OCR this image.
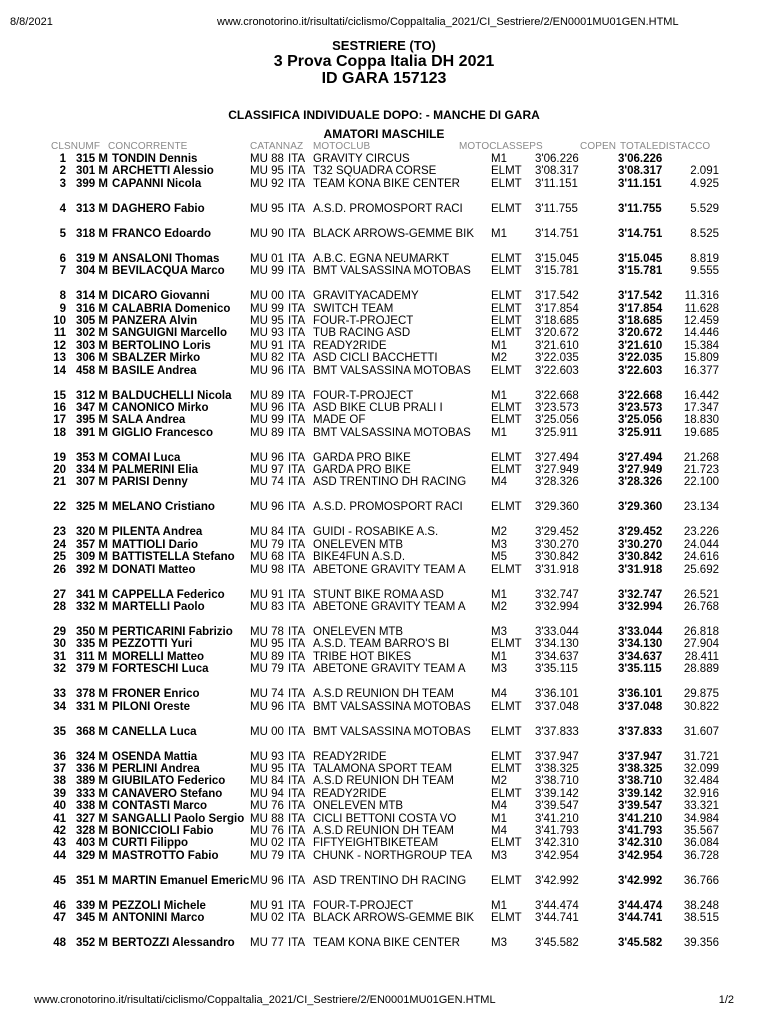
8/8/2021	www.cronotorino.it/risultati/ciclismo/CoppaItalia_2021/CI_Sestriere/2/EN0001MU01GEN.HTML
SESTRIERE (TO)
3 Prova Coppa Italia DH 2021
ID GARA 157123
CLASSIFICA INDIVIDUALE DOPO: - MANCHE DI GARA
AMATORI MASCHILE
CLSNUMF CONCORRENTE	CATANNAZ MOTOCLUB	MOTOCLASSEPS	COPEN TOTALEDISTACCO
1 315 M TONDIN Dennis	MU 88 ITA GRAVITY CIRCUS	M1 3'06.226	3'06.226
2 301 M ARCHETTI Alessio	MU 95 ITA T32 SQUADRA CORSE	ELMT 3'08.317	3'08.317 2.091
3 399 M CAPANNI Nicola	MU 92 ITA TEAM KONA BIKE CENTER	ELMT 3'11.151	3'11.151 4.925
4 313 M DAGHERO Fabio	MU 95 ITA A.S.D. PROMOSPORT RACI	ELMT 3'11.755	3'11.755 5.529
5 318 M FRANCO Edoardo	MU 90 ITA BLACK ARROWS-GEMME BIK M1 3'14.751	3'14.751 8.525
6 319 M ANSALONI Thomas	MU 01 ITA A.B.C. EGNA NEUMARKT	ELMT 3'15.045	3'15.045 8.819
7 304 M BEVILACQUA Marco MU 99 ITA BMT VALSASSINA MOTOBAS	ELMT 3'15.781	3'15.781 9.555
8 314 M DICARO Giovanni	MU 00 ITA GRAVITYACADEMY	ELMT 3'17.542	3'17.542 11.316
9 316 M CALABRIA Domenico MU 99 ITA SWITCH TEAM	ELMT 3'17.854	3'17.854 11.628
10 305 M PANZERA Alvin	MU 95 ITA FOUR-T-PROJECT	ELMT 3'18.685	3'18.685 12.459
11 302 M SANGUIGNI Marcello MU 93 ITA TUB RACING ASD	ELMT 3'20.672	3'20.672 14.446
12 303 M BERTOLINO Loris	MU 91 ITA READY2RIDE	M1 3'21.610	3'21.610 15.384
13 306 M SBALZER Mirko	MU 82 ITA ASD CICLI BACCHETTI	M2 3'22.035	3'22.035 15.809
14 458 M BASILE Andrea	MU 96 ITA BMT VALSASSINA MOTOBAS	ELMT 3'22.603	3'22.603 16.377
15 312 M BALDUCHELLI Nicola MU 89 ITA FOUR-T-PROJECT	M1 3'22.668	3'22.668 16.442
16 347 M CANONICO Mirko	MU 96 ITA ASD BIKE CLUB PRALI I	ELMT 3'23.573	3'23.573 17.347
17 395 M SALA Andrea	MU 99 ITA MADE OF	ELMT 3'25.056	3'25.056 18.830
18 391 M GIGLIO Francesco	MU 89 ITA BMT VALSASSINA MOTOBAS	M1 3'25.911	3'25.911 19.685
19 353 M COMAI Luca	MU 96 ITA GARDA PRO BIKE	ELMT 3'27.494	3'27.494 21.268
20 334 M PALMERINI Elia	MU 97 ITA GARDA PRO BIKE	ELMT 3'27.949	3'27.949 21.723
21 307 M PARISI Denny	MU 74 ITA ASD TRENTINO DH RACING	M4 3'28.326	3'28.326 22.100
22 325 M MELANO Cristiano	MU 96 ITA A.S.D. PROMOSPORT RACI	ELMT 3'29.360	3'29.360 23.134
23 320 M PILENTA Andrea	MU 84 ITA GUIDI - ROSABIKE A.S.	M2 3'29.452	3'29.452 23.226
24 357 M MATTIOLI Dario	MU 79 ITA ONELEVEN MTB	M3 3'30.270	3'30.270 24.044
25 309 M BATTISTELLA Stefano MU 68 ITA BIKE4FUN A.S.D.	M5 3'30.842	3'30.842 24.616
26 392 M DONATI Matteo	MU 98 ITA ABETONE GRAVITY TEAM A	ELMT 3'31.918	3'31.918 25.692
27 341 M CAPPELLA Federico MU 91 ITA STUNT BIKE ROMA ASD	M1 3'32.747	3'32.747 26.521
28 332 M MARTELLI Paolo	MU 83 ITA ABETONE GRAVITY TEAM A	M2 3'32.994	3'32.994 26.768
29 350 M PERTICARINI Fabrizio MU 78 ITA ONELEVEN MTB	M3 3'33.044	3'33.044 26.818
30 335 M PEZZOTTI Yuri	MU 95 ITA A.S.D. TEAM BARRO'S BI	ELMT 3'34.130	3'34.130 27.904
31 311 M MORELLI Matteo	MU 89 ITA TRIBE HOT BIKES	M1 3'34.637	3'34.637 28.411
32 379 M FORTESCHI Luca	MU 79 ITA ABETONE GRAVITY TEAM A	M3 3'35.115	3'35.115 28.889
33 378 M FRONER Enrico	MU 74 ITA A.S.D REUNION DH TEAM	M4 3'36.101	3'36.101 29.875
34 331 M PILONI Oreste	MU 96 ITA BMT VALSASSINA MOTOBAS	ELMT 3'37.048	3'37.048 30.822
35 368 M CANELLA Luca	MU 00 ITA BMT VALSASSINA MOTOBAS	ELMT 3'37.833	3'37.833 31.607
36 324 M OSENDA Mattia	MU 93 ITA READY2RIDE	ELMT 3'37.947	3'37.947 31.721
37 336 M PERLINI Andrea	MU 95 ITA TALAMONA SPORT TEAM	ELMT 3'38.325	3'38.325 32.099
38 389 M GIUBILATO Federico MU 84 ITA A.S.D REUNION DH TEAM	M2 3'38.710	3'38.710 32.484
39 333 M CANAVERO Stefano MU 94 ITA READY2RIDE	ELMT 3'39.142	3'39.142 32.916
40 338 M CONTASTI Marco	MU 76 ITA ONELEVEN MTB	M4 3'39.547	3'39.547 33.321
41 327 M SANGALLI Paolo Sergio MU 88 ITA CICLI BETTONI COSTA VO	M1 3'41.210	3'41.210 34.984
42 328 M BONICCIOLI Fabio	MU 76 ITA A.S.D REUNION DH TEAM	M4 3'41.793	3'41.793 35.567
43 403 M CURTI Filippo	MU 02 ITA FIFTYEIGHTBIKETEAM	ELMT 3'42.310	3'42.310 36.084
44 329 M MASTROTTO Fabio	MU 79 ITA CHUNK - NORTHGROUP TEA M3 3'42.954	3'42.954 36.728
45 351 M MARTIN Emanuel Emeric MU 96 ITA ASD TRENTINO DH RACING	ELMT 3'42.992	3'42.992 36.766
46 339 M PEZZOLI Michele	MU 91 ITA FOUR-T-PROJECT	M1 3'44.474	3'44.474 38.248
47 345 M ANTONINI Marco	MU 02 ITA BLACK ARROWS-GEMME BIK ELMT 3'44.741	3'44.741 38.515
48 352 M BERTOZZI Alessandro MU 77 ITA TEAM KONA BIKE CENTER	M3 3'45.582	3'45.582 39.356
www.cronotorino.it/risultati/ciclismo/CoppaItalia_2021/CI_Sestriere/2/EN0001MU01GEN.HTML	1/2
